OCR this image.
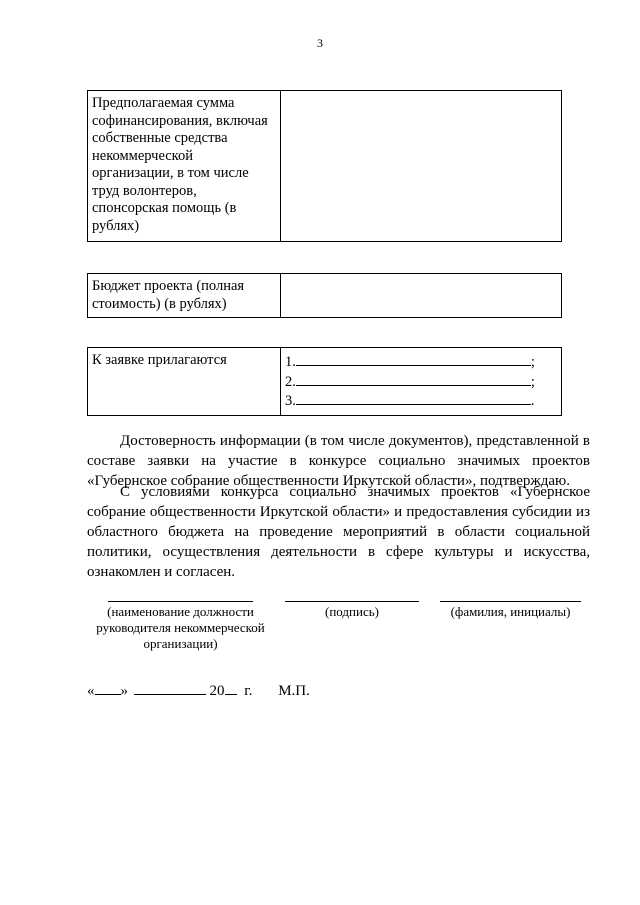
3
Предполагаемая сумма софинансирования, включая собственные средства некоммерческой организации, в том числе труд волонтеров, спонсорская помощь (в рублях)	
Бюджет проекта (полная стоимость) (в рублях)	
К заявке прилагаются	1.	;
2.	;
3.	.

Достоверность информации (в том числе документов), представленной в составе заявки на участие в конкурсе социально значимых проектов «Губернское собрание общественности Иркутской области», подтверждаю.

С условиями конкурса социально значимых проектов «Губернское собрание общественности Иркутской области» и предоставления субсидии из областного бюджета на проведение мероприятий в области социальной политики, осуществления деятельности в сфере культуры и искусства, ознакомлен и согласен.

(наименование должности руководителя некоммерческой организации)
(подпись)	(фамилия, инициалы)
« »	20 г. М.П.
